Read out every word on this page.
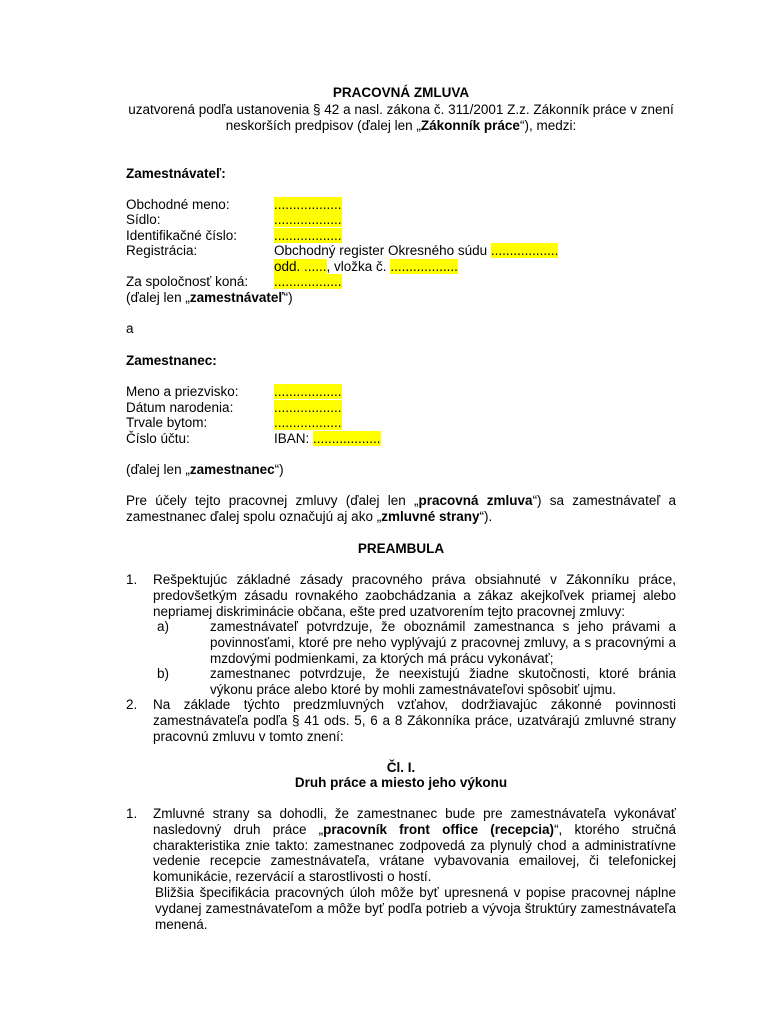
PRACOVNÁ ZMLUVA
uzatvorená podľa ustanovenia § 42 a nasl. zákona č. 311/2001 Z.z. Zákonník práce v znení
neskorších predpisov (ďalej len „Zákonník práce“), medzi:
Zamestnávateľ:
Obchodné meno:	..................
Sídlo:	..................
Identifikačné číslo:	..................
Registrácia:	Obchodný register Okresného súdu ..................
odd. ......, vložka č. ..................
Za spoločnosť koná: ..................
(ďalej len „zamestnávateľ“)
a
Zamestnanec:
Meno a priezvisko:	..................
Dátum narodenia:	..................
Trvale bytom:	..................
Číslo účtu:	IBAN: ..................
(ďalej len „zamestnanec“)
Pre účely tejto pracovnej zmluvy (ďalej len „pracovná zmluva“) sa zamestnávateľ a zamestnanec ďalej spolu označujú aj ako „zmluvné strany“).
PREAMBULA
1. Rešpektujúc základné zásady pracovného práva obsiahnuté v Zákonníku práce, predovšetkým zásadu rovnakého zaobchádzania a zákaz akejkoľvek priamej alebo nepriamej diskriminácie občana, ešte pred uzatvorením tejto pracovnej zmluvy:
a)	zamestnávateľ potvrdzuje, že oboznámil zamestnanca s jeho právami a povinnosťami, ktoré pre neho vyplývajú z pracovnej zmluvy, a s pracovnými a mzdovými podmienkami, za ktorých má prácu vykonávať;
b)	zamestnanec potvrdzuje, že neexistujú žiadne skutočnosti, ktoré bránia výkonu práce alebo ktoré by mohli zamestnávateľovi spôsobiť ujmu.
2. Na základe týchto predzmluvných vzťahov, dodržiavajúc zákonné povinnosti zamestnávateľa podľa § 41 ods. 5, 6 a 8 Zákonníka práce, uzatvárajú zmluvné strany pracovnú zmluvu v tomto znení:
Čl. I.
Druh práce a miesto jeho výkonu
1. Zmluvné strany sa dohodli, že zamestnanec bude pre zamestnávateľa vykonávať nasledovný druh práce „pracovník front office (recepcia)“, ktorého stručná charakteristika znie takto: zamestnanec zodpovedá za plynulý chod a administratívne vedenie recepcie zamestnávateľa, vrátane vybavovania emailovej, či telefonickej komunikácie, rezervácií a starostlivosti o hostí.
Bližšia špecifikácia pracovných úloh môže byť upresnená v popise pracovnej náplne vydanej zamestnávateľom a môže byť podľa potrieb a vývoja štruktúry zamestnávateľa menená.
